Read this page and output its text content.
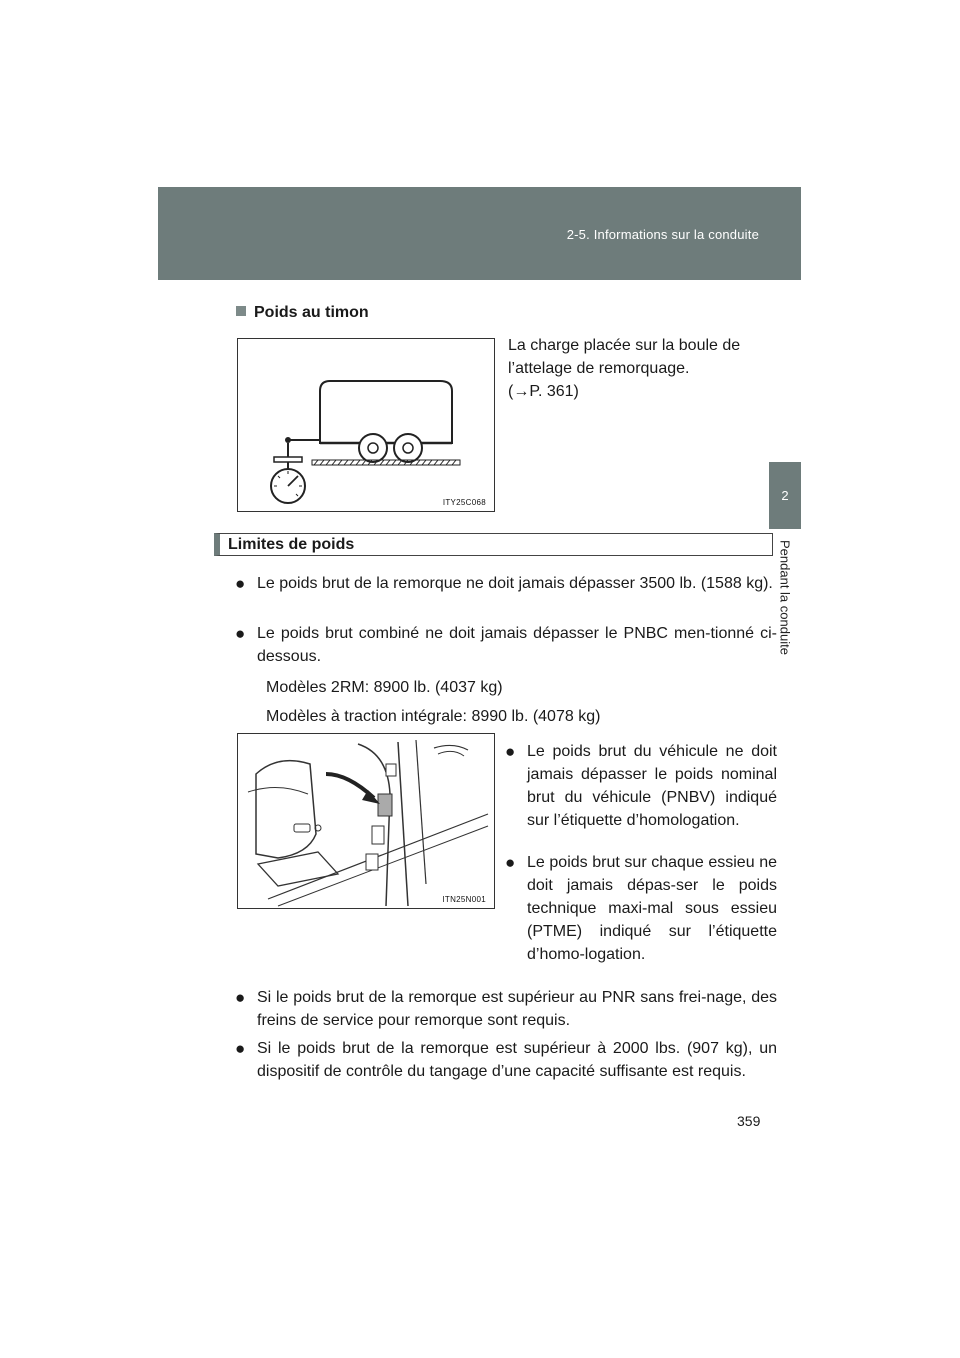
2-5. Informations sur la conduite
2
Pendant la conduite
Poids au timon
ITY25C068
La charge placée sur la boule de
l’attelage de remorquage.
(→P. 361)
Limites de poids
● Le poids brut de la remorque ne doit jamais dépasser 3500 lb. (1588 kg).
● Le poids brut combiné ne doit jamais dépasser le PNBC men-tionné ci-dessous.
Modèles 2RM: 8900 lb. (4037 kg)
Modèles à traction intégrale: 8990 lb. (4078 kg)
ITN25N001
● Le poids brut du véhicule ne doit jamais dépasser le poids nominal brut du véhicule (PNBV) indiqué sur l’étiquette d’homologation.
● Le poids brut sur chaque essieu ne doit jamais dépas-ser le poids technique maxi-mal sous essieu (PTME) indiqué sur l’étiquette d’homo-logation.
● Si le poids brut de la remorque est supérieur au PNR sans frei-nage, des freins de service pour remorque sont requis.
● Si le poids brut de la remorque est supérieur à 2000 lbs. (907 kg), un dispositif de contrôle du tangage d’une capacité suffisante est requis.
359
